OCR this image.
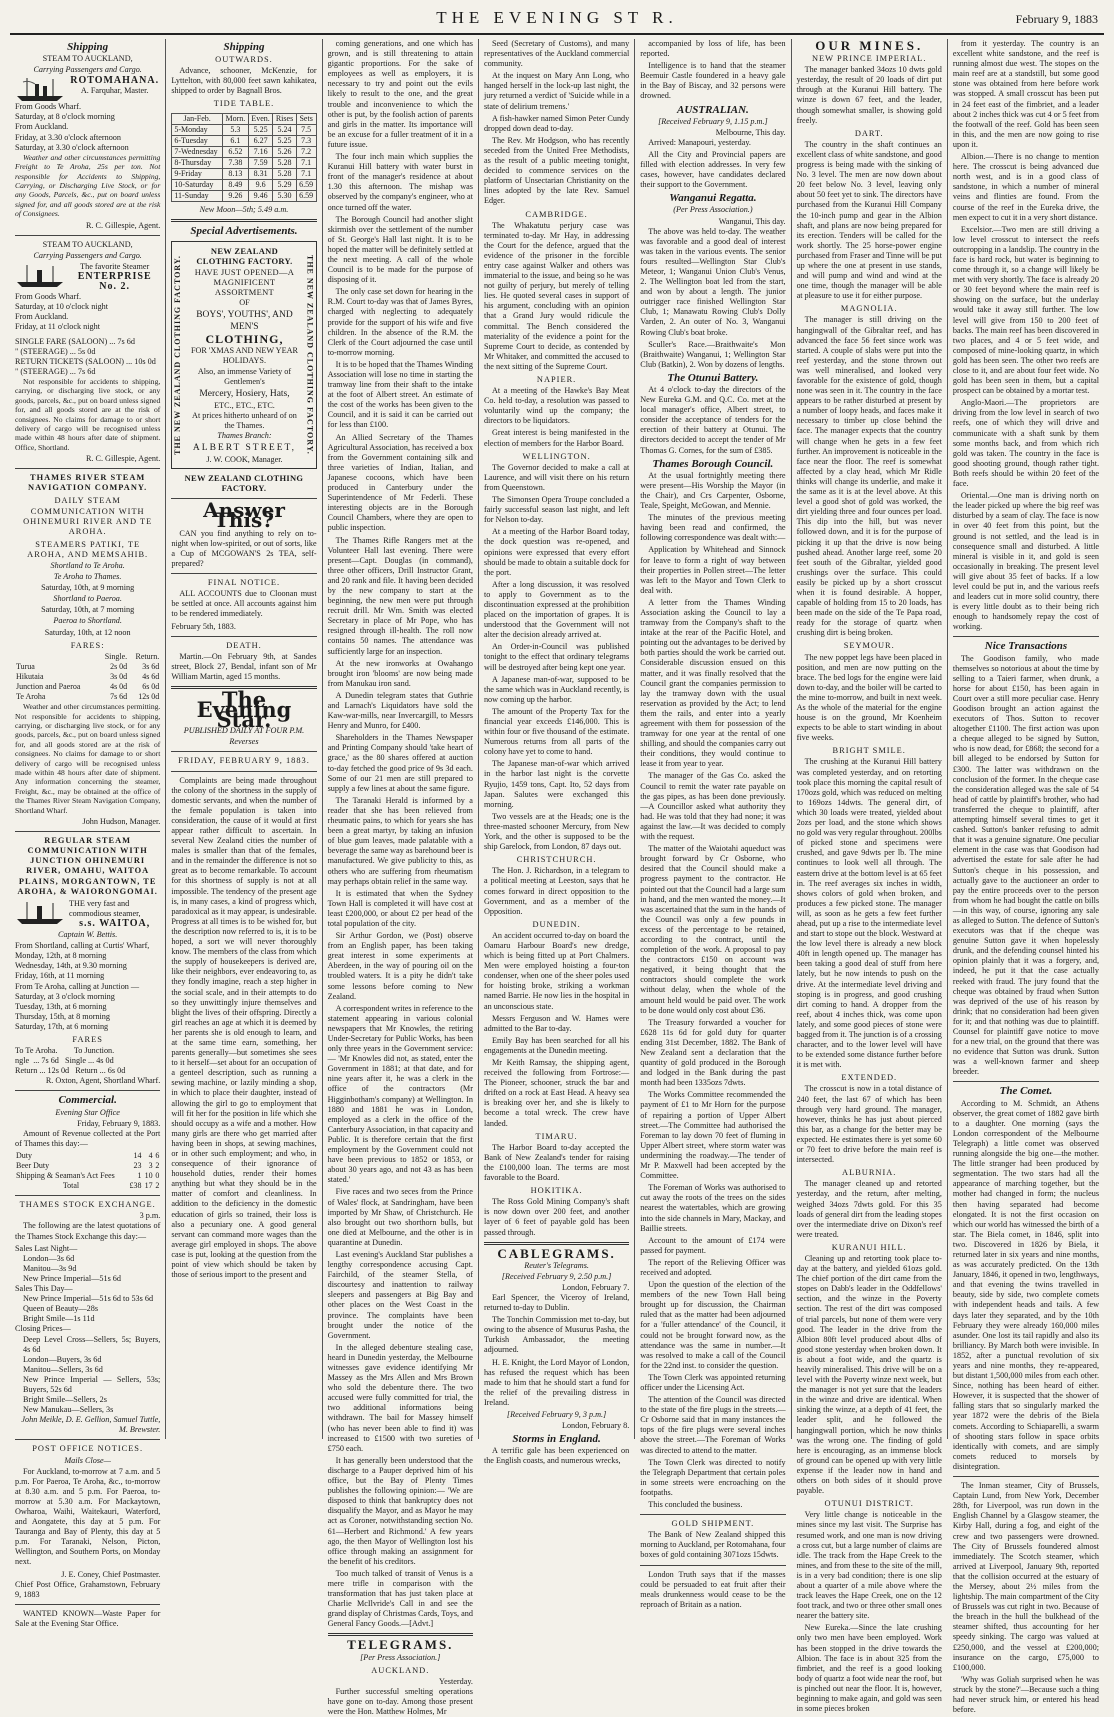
THE EVENING ST R.	February 9, 1883
Shipping
STEAM TO AUCKLAND,
Carrying Passengers and Cargo.
ROTOMAHANA.
A. Farquhar, Master.
From Goods Wharf.
Saturday, at 8 o'clock morning
From Auckland.
Friday, at 3.30 o'clock afternoon
Saturday, at 3.30 o'clock afternoon

Weather and other circumstances permitting Freight to Te Aroha, 25s per ton. Not responsible for Accidents to Shipping, Carrying, or Discharging Live Stock, or for any Goods, Parcels, &c., put on board unless signed for, and all goods stored are at the risk of Consignees.

R. C. Gillespie, Agent.
STEAM TO AUCKLAND,
Carrying Passengers and Cargo.
The favorite Steamer
ENTERPRISE No. 2.
From Goods Wharf.
Saturday, at 10 o'clock night
From Auckland.
Friday, at 11 o'clock night
SINGLE FARE (SALOON) ... 7s 6d
" (STEERAGE) ... 5s 0d
RETURN TICKETS (SALOON) ... 10s 0d
" (STEERAGE) ... 7s 6d

Not responsible for accidents to shipping, carrying, or discharging live stock, or any goods, parcels, &c., put on board unless signed for, and all goods stored are at the risk of consignees. No claims for damage to or short delivery of cargo will be recognised unless made within 48 hours after date of shipment. Office, Shortland.

R. C. Gillespie, Agent.
THAMES RIVER STEAM NAVIGATION COMPANY.
DAILY STEAM COMMUNICATION WITH OHINEMURI RIVER AND TE AROHA.
STEAMERS PATIKI, TE AROHA, AND MEMSAHIB.
Shortland to Te Aroha.
Te Aroha to Thames.
Saturday, 10th, at 9 morning
Shortland to Paeroa.
Saturday, 10th, at 7 morning
Paeroa to Shortland.
Saturday, 10th, at 12 noon
FARES:
	Single.	Return.
Turua	2s 0d	3s 6d
Hikutaia	3s 0d	4s 6d
Junction and Paeroa	4s 0d	6s 0d
Te Aroha	7s 6d	12s 0d

Weather and other circumstances permitting. Not responsible for accidents to shipping, carrying, or discharging live stock, or for any goods, parcels, &c., put on board unless signed for, and all goods stored are at the risk of consignees. No claims for damage to or short delivery of cargo will be recognised unless made within 48 hours after date of shipment. Any information concerning the steamer, Freight, &c., may be obtained at the office of the Thames River Steam Navigation Company, Shortland Wharf.

John Hudson, Manager.
REGULAR STEAM COMMUNICATION WITH JUNCTION OHINEMURI RIVER, OMAHU, WAITOA PLAINS, MORGANTOWN, TE AROHA, & WAIORONGOMAI.
THE very fast and commodious steamer,
s.s. WAITOA,
Captain W. Bettis.
From Shortland, calling at Curtis' Wharf, Monday, 12th, at 8 morning
Wednesday, 14th, at 9.30 morning
Friday, 16th, at 11 morning
From Te Aroha, calling at Junction — Saturday, at 3 o'clock morning
Tuesday, 13th, at 6 morning
Thursday, 15th, at 8 morning
Saturday, 17th, at 6 morning
FARES
To Te Aroha.        To Junction.
ngle  ... 7s 6d   Single ... 4s 0d
Return ... 12s 0d   Return ... 6s 0d
R. Oxton, Agent, Shortland Wharf.
Commercial.
Evening Star Office
Friday, February 9, 1883.

Amount of Revenue collected at the Port of Thames this day:—

Duty	14	4	6
Beer Duty	23	3	2
Shipping & Seaman's Act Fees	1	10	0
Total	£38	17	2
THAMES STOCK EXCHANGE.
3 p.m.

The following are the latest quotations of the Thames Stock Exchange this day:—

Sales Last Night—
London—3s 6d
Manitou—3s 9d
New Prince Imperial—51s 6d
Sales This Day—
New Prince Imperial—51s 6d to 53s 6d
Queen of Beauty—28s
Bright Smile—1s 11d
Closing Prices—
Deep Level Cross—Sellers, 5s; Buyers, 4s 6d
London—Buyers, 3s 6d
Manitou—Sellers, 3s 6d
New Prince Imperial — Sellers, 53s; Buyers, 52s 6d
Bright Smile—Sellers, 2s
New Manukau—Sellers, 3s
John Meikle, D. E. Gellion, Samuel Tuttle, M. Brewster.
POST OFFICE NOTICES.
Mails Close—

For Auckland, to-morrow at 7 a.m. and 5 p.m. For Paeroa, Te Aroha, &c., to-morrow at 8.30 a.m. and 5 p.m. For Paeroa, to-morrow at 5.30 a.m. For Mackaytown, Owharoa, Waihi, Waitekauri, Waterford, and Aongatete, this day at 5 p.m. For Tauranga and Bay of Plenty, this day at 5 p.m. For Taranaki, Nelson, Picton, Wellington, and Southern Ports, on Monday next.

J. E. Coney, Chief Postmaster.
Chief Post Office, Grahamstown, February 9, 1883

WANTED KNOWN—Waste Paper for Sale at the Evening Star Office.

Shipping
OUTWARDS.

Advance, schooner, McKenzie, for Lyttelton, with 80,000 feet sawn kahikatea, shipped to order by Bagnall Bros.

TIDE TABLE.
Jan-Feb.	Morn.	Even.	Rises	Sets
5-Monday	5.3	5.25	5.24	7.5
6-Tuesday	6.1	6.27	5.25	7.3
7-Wednesday	6.52	7.16	5.26	7.2
8-Thursday	7.38	7.59	5.28	7.1
9-Friday	8.13	8.31	5.28	7.1
10-Saturday	8.49	9.6	5.29	6.59
11-Sunday	9.26	9.46	5.30	6.59
New Moon—5th; 5.49 a.m.
Special Advertisements.
THE NEW ZEALAND CLOTHING FACTORY.	THE NEW ZEALAND CLOTHING FACTORY.
NEW ZEALAND CLOTHING FACTORY.
HAVE JUST OPENED—A MAGNIFICENT ASSORTMENT
OF
BOYS', YOUTHS', AND
MEN'S
CLOTHING,
FOR 'XMAS AND NEW YEAR HOLIDAYS.
Also, an immense Variety of Gentlemen's
Mercery, Hosiery, Hats,
ETC., ETC., ETC.
At prices hitherto unheard of on the Thames.
Thames Branch:
ALBERT STREET,
J. W. COOK, Manager.
NEW ZEALAND CLOTHING FACTORY.
Answer This?

CAN you find anything to rely on to-night when low-spirited, or out of sorts, like a Cup of MCGOWAN'S 2s TEA, self-prepared?

FINAL NOTICE.

ALL ACCOUNTS due to Cloonan must be settled at once. All accounts against him to be rendered immediately.

February 5th, 1883.
DEATH.

Martin.—On February 9th, at Sandes street, Block 27, Bendal, infant son of Mr William Martin, aged 15 months.

The Evening Star.
PUBLISHED DAILY AT FOUR P.M.
Reverses
FRIDAY, FEBRUARY 9, 1883.

Complaints are being made throughout the colony of the shortness in the supply of domestic servants, and when the number of the female population is taken into consideration, the cause of it would at first appear rather difficult to ascertain. In several New Zealand cities the number of males is smaller than that of the females, and in the remainder the difference is not so great as to become remarkable. To account for this shortness of supply is not at all impossible. The tendency of the present age is, in many cases, a kind of progress which, paradoxical as it may appear, is undesirable. Progress at all times is to be wished for, but the description now referred to is, it is to be hoped, a sort we will never thoroughly know. The members of the class from which the supply of housekeepers is derived are, like their neighbors, ever endeavoring to, as they fondly imagine, reach a step higher in the social scale, and in their attempts to do so they unwittingly injure themselves and blight the lives of their offspring. Directly a girl reaches an age at which it is deemed by her parents she is old enough to learn, and at the same time earn, something, her parents generally—but sometimes she sees to it herself—set about for an occupation of a genteel description, such as running a sewing machine, or lazily minding a shop, in which to place their daughter, instead of allowing the girl to go to employment that will fit her for the position in life which she should occupy as a wife and a mother. How many girls are there who get married after having been in shops, at sewing machines, or in other such employment; and who, in consequence of their ignorance of household duties, render their homes anything but what they should be in the matter of comfort and cleanliness. In addition to the deficiency in the domestic education of girls so trained, their loss is also a pecuniary one. A good general servant can command more wages than the average girl employed in shops. The above case is put, looking at the question from the point of view which should be taken by those of serious import to the present and

coming generations, and one which has grown, and is still threatening to attain gigantic proportions. For the sake of employees as well as employers, it is necessary to try and point out the evils likely to result to the one, and the great trouble and inconvenience to which the other is put, by the foolish action of parents and girls in the matter. Its importance will be an excuse for a fuller treatment of it in a future issue.

The four inch main which supplies the Kuranui Hill battery with water burst in front of the manager's residence at about 1.30 this afternoon. The mishap was observed by the company's engineer, who at once turned off the water.

The Borough Council had another slight skirmish over the settlement of the number of St. George's Hall last night. It is to be hoped the matter will be definitely settled at the next meeting. A call of the whole Council is to be made for the purpose of disposing of it.

The only case set down for hearing in the R.M. Court to-day was that of James Byres, charged with neglecting to adequately provide for the support of his wife and five children. In the absence of the R.M. the Clerk of the Court adjourned the case until to-morrow morning.

It is to be hoped that the Thames Winding Association will lose no time in starting the tramway line from their shaft to the intake at the foot of Albert street. An estimate of the cost of the works has been given to the Council, and it is said it can be carried out for less than £100.

An Allied Secretary of the Thames Agricultural Association, has received a box from the Government containing silk and three varieties of Indian, Italian, and Japanese cocoons, which have been produced in Canterbury under the Superintendence of Mr Federli. These interesting objects are in the Borough Council Chambers, where they are open to public inspection.

The Thames Rifle Rangers met at the Volunteer Hall last evening. There were present—Capt. Douglas (in command), three other officers, Drill Instructor Grant, and 20 rank and file. It having been decided by the new company to start at the beginning, the new men were put through recruit drill. Mr Wm. Smith was elected Secretary in place of Mr Pope, who has resigned through ill-health. The roll now contains 50 names. The attendance was sufficiently large for an inspection.

At the new ironworks at Owahango brought iron 'blooms' are now being made from Manukau iron sand.

A Dunedin telegram states that Guthrie and Larnach's Liquidators have sold the Kaw-war-mills, near Invercargill, to Messrs Henry and Munro, for £400.

Shareholders in the Thames Newspaper and Printing Company should 'take heart of grace,' as the 80 shares offered at auction to-day fetched the good price of 9s 3d each. Some of our 21 men are still prepared to supply a few lines at about the same figure.

The Taranaki Herald is informed by a reader that she has been relieved from rheumatic pains, to which for years she has been a great martyr, by taking an infusion of blue gum leaves, made palatable with a beverage the same way as barehound beer is manufactured. We give publicity to this, as others who are suffering from rheumatism may perhaps obtain relief in the same way.

It is estimated that when the Sydney Town Hall is completed it will have cost at least £200,000, or about £2 per head of the total population of the city.

Sir Arthur Gordon, we (Post) observe from an English paper, has been taking great interest in some experiments at Aberdeen, in the way of pouring oil on the troubled waters. It is a pity he didn't take some lessons before coming to New Zealand.

A correspondent writes in reference to the statement appearing in various colonial newspapers that Mr Knowles, the retiring Under-Secretary for Public Works, has been only three years in the Government service: — 'Mr Knowles did not, as stated, enter the Government in 1881; at that date, and for nine years after it, he was a clerk in the office of the contractors (Mr Higginbotham's company) at Wellington. In 1880 and 1881 he was in London, employed as a clerk in the office of the Canterbury Association, in that capacity and Public. It is therefore certain that the first employment by the Government could not have been previous to 1852 or 1853, or about 30 years ago, and not 43 as has been stated.'

Five races and two seces from the Prince of Wales' flock, at Sandringham, have been imported by Mr Shaw, of Christchurch. He also brought out two shorthorn bulls, but one died at Melbourne, and the other is in quarantine at Dunedin.

Last evening's Auckland Star publishes a lengthy correspondence accusing Capt. Fairchild, of the steamer Stella, of discourtesy and inattention to railway sleepers and passengers at Big Bay and other places on the West Coast in the province. The complaints have been brought under the notice of the Government.

In the alleged debenture stealing case, heard in Dunedin yesterday, the Melbourne witnesses gave evidence identifying Mr Massey as the Mrs Allen and Mrs Brown who sold the debenture there. The two accused were fully committed for trial, the two additional informations being withdrawn. The bail for Massey himself (who has never been able to find it) was increased to £1500 with two sureties of £750 each.

It has generally been understood that the discharge to a Pauper deprived him of his office, but the Bay of Plenty Times publishes the following opinion:— 'We are disposed to think that bankruptcy does not disqualify the Mayor, and as Mayor he may act as Coroner, notwithstanding section No. 61—Herbert and Richmond.' A few years ago, the then Mayor of Wellington lost his office through making an assignment for the benefit of his creditors.

Too much talked of transit of Venus is a mere trifle in comparison with the transformation that has just taken place at Charlie McIlvride's Call in and see the grand display of Christmas Cards, Toys, and General Fancy Goods.—[Advt.]

TELEGRAMS.
[Per Press Association.]
AUCKLAND.
Yesterday.

Further successful smelting operations have gone on to-day. Among those present were the Hon. Matthew Holmes, Mr

Seed (Secretary of Customs), and many representatives of the Auckland commercial community.

At the inquest on Mary Ann Long, who hanged herself in the lock-up last night, the jury returned a verdict of 'Suicide while in a state of delirium tremens.'

A fish-hawker named Simon Peter Cundy dropped down dead to-day.

The Rev. Mr Hodgson, who has recently seceded from the United Free Methodists, as the result of a public meeting tonight, decided to commence services on the platform of Unsectarian Christianity on the lines adopted by the late Rev. Samuel Edger.

CAMBRIDGE.

The Whakatutu perjury case was terminated to-day. Mr Hay, in addressing the Court for the defence, argued that the evidence of the prisoner in the forcible entry case against Walker and others was immaterial to the issue, and being so he was not guilty of perjury, but merely of telling lies. He quoted several cases in support of his argument, concluding with an opinion that a Grand Jury would ridicule the committal. The Bench considered the materiality of the evidence a point for the Supreme Court to decide, as contended by Mr Whitaker, and committed the accused to the next sitting of the Supreme Court.

NAPIER.

At a meeting of the Hawke's Bay Meat Co. held to-day, a resolution was passed to voluntarily wind up the company; the directors to be liquidators.

Great interest is being manifested in the election of members for the Harbor Board.

WELLINGTON.

The Governor decided to make a call at Laurence, and will visit there on his return from Queenstown.

The Simonsen Opera Troupe concluded a fairly successful season last night, and left for Nelson to-day.

At a meeting of the Harbor Board today, the dock question was re-opened, and opinions were expressed that every effort should be made to obtain a suitable dock for the port.

After a long discussion, it was resolved to apply to Government as to the discontinuation expressed at the prohibition placed on the importation of grapes. It is understood that the Government will not alter the decision already arrived at.

An Order-in-Council was published tonight to the effect that ordinary telegrams will be destroyed after being kept one year.

A Japanese man-of-war, supposed to be the same which was in Auckland recently, is now coming up the harbor.

The amount of the Property Tax for the financial year exceeds £146,000. This is within four or five thousand of the estimate. Numerous returns from all parts of the colony have yet to come to hand.

The Japanese man-of-war which arrived in the harbor last night is the corvette Ryujio, 1459 tons, Capt. Ito, 52 days from Japan. Salutes were exchanged this morning.

Two vessels are at the Heads; one is the three-masted schooner Mercury, from New York, and the other is supposed to be the ship Garelock, from London, 87 days out.

CHRISTCHURCH.

The Hon. J. Richardson, in a telegram to a political meeting at Leeston, says that he comes forward in direct opposition to the Government, and as a member of the Opposition.

DUNEDIN.

An accident occurred to-day on board the Oamaru Harbour Board's new dredge, which is being fitted up at Port Chalmers. Men were employed hoisting a four-ton condenser, when one of the sheer poles used for hoisting broke, striking a workman named Barrie. He now lies in the hospital in an unconscious state.

Messrs Ferguson and W. Hames were admitted to the Bar to-day.

Emily Bay has been searched for all his engagements at the Dunedin meeting.

Mr Keith Ramsay, the shipping agent, received the following from Fortrose:— The Pioneer, schooner, struck the bar and drifted on a rock at East Head. A heavy sea is breaking over her, and she is likely to become a total wreck. The crew have landed.

TIMARU.

The Harbor Board to-day accepted the Bank of New Zealand's tender for raising the £100,000 loan. The terms are most favorable to the Board.

HOKITIKA.

The Ross Gold Mining Company's shaft is now down over 200 feet, and another layer of 6 feet of payable gold has been passed through.

CABLEGRAMS.
Reuter's Telegrams.
[Received February 9, 2.50 p.m.]
London, February 7.

Earl Spencer, the Viceroy of Ireland, returned to-day to Dublin.

The Tonchin Commission met to-day, but owing to the absence of Musurus Pasha, the Turkish Ambassador, the meeting adjourned.

H. E. Knight, the Lord Mayor of London, has refused the request which has been made to him that he should start a fund for the relief of the prevailing distress in Ireland.

[Received February 9, 3 p.m.]
London, February 8.
Storms in England.

A terrific gale has been experienced on the English coasts, and numerous wrecks,

accompanied by loss of life, has been reported.

Intelligence is to hand that the steamer Beemuir Castle foundered in a heavy gale in the Bay of Biscay, and 32 persons were drowned.

AUSTRALIAN.
[Received February 9, 1.15 p.m.]
Melbourne, This day.

Arrived: Manapouri, yesterday.

All the City and Provincial papers are filled with election addresses. In very few cases, however, have candidates declared their support to the Government.

Wanganui Regatta.
(Per Press Association.)
Wanganui, This day.

The above was held to-day. The weather was favorable and a good deal of interest was taken in the various events. The senior fours resulted—Wellington Star Club's Meteor, 1; Wanganui Union Club's Venus, 2. The Wellington boat led from the start, and won by about a length. The junior outrigger race finished Wellington Star Club, 1; Manawatu Rowing Club's Dolly Varden, 2. An outer of No. 3, Wanganui Rowing Club's boat broke.

Sculler's Race.—Braithwaite's Mon (Braithwaite) Wanganui, 1; Wellington Star Club (Batkin), 2. Won by dozens of lengths.

The Otunui Battery.

At 4 o'clock to-day the directors of the New Eureka G.M. and Q.C. Co. met at the local manager's office, Albert street, to consider the acceptance of tenders for the erection of their battery at Otunui. The directors decided to accept the tender of Mr Thomas G. Cornes, for the sum of £385.

Thames Borough Council.

At the usual fortnightly meeting there were present—His Worship the Mayor (in the Chair), and Crs Carpenter, Osborne, Teale, Speight, McGowan, and Mennie.

The minutes of the previous meeting having been read and confirmed, the following correspondence was dealt with:—

Application by Whitehead and Sinnock for leave to form a right of way between their properties in Pollen street—The letter was left to the Mayor and Town Clerk to deal with.

A letter from the Thames Winding Association asking the Council to lay a tramway from the Company's shaft to the intake at the rear of the Pacific Hotel, and pointing out the advantages to be derived by both parties should the work be carried out. Considerable discussion ensued on this matter, and it was finally resolved that the Council grant the companies permission to lay the tramway down with the usual reservation as provided by the Act; to lend them the rails, and enter into a yearly agreement with them for possession of the tramway for one year at the rental of one shilling, and should the companies carry out their conditions, they would continue to lease it from year to year.

The manager of the Gas Co. asked the Council to remit the water rate payable on the gas pipes, as has been done previously.—A Councillor asked what authority they had. He was told that they had none; it was against the law.—It was decided to comply with the request.

The matter of the Waiotahi aqueduct was brought forward by Cr Osborne, who desired that the Council should make a progress payment to the contractor. He pointed out that the Council had a large sum in hand, and the men wanted the money.—It was ascertained that the sum in the hands of the Council was only a few pounds in excess of the percentage to be retained, according to the contract, until the completion of the work. A proposal to pay the contractors £150 on account was negatived, it being thought that the contractors should complete the work without delay, when the whole of the amount held would be paid over. The work to be done would only cost about £36.

The Treasury forwarded a voucher for £628 11s 6d for gold duty for quarter ending 31st December, 1882. The Bank of New Zealand sent a declaration that the quantity of gold produced in the Borough and lodged in the Bank during the past month had been 1335ozs 7dwts.

The Works Committee recommended the payment of £1 to Mr Horn for the purpose of repairing a portion of Upper Albert street.—The Committee had authorised the Foreman to lay down 70 feet of fluming in Upper Albert street, where storm water was undermining the roadway.—The tender of Mr P. Maxwell had been accepted by the Committee.

The Foreman of Works was authorised to cut away the roots of the trees on the sides nearest the watertables, which are growing into the side channels in Mary, Mackay, and Baillie streets.

Account to the amount of £174 were passed for payment.

The report of the Relieving Officer was received and adopted.

Upon the question of the election of the members of the new Town Hall being brought up for discussion, the Chairman ruled that as the matter had been adjourned for a 'fuller attendance' of the Council, it could not be brought forward now, as the attendance was the same in number.—It was resolved to make a call of the Council for the 22nd inst. to consider the question.

The Town Clerk was appointed returning officer under the Licensing Act.

The attention of the Council was directed to the state of the fire plugs in the streets.—Cr Osborne said that in many instances the tops of the fire plugs were several inches above the street.—The Foreman of Works was directed to attend to the matter.

The Town Clerk was directed to notify the Telegraph Department that certain poles in some streets were encroaching on the footpaths.

This concluded the business.

GOLD SHIPMENT.

The Bank of New Zealand shipped this morning to Auckland, per Rotomahana, four boxes of gold containing 3071ozs 15dwts.

London Truth says that if the masses could be persuaded to eat fruit after their meals drunkenness would cease to be the reproach of Britain as a nation.

OUR MINES.
NEW PRINCE IMPERIAL.

The manager banked 34ozs 10 dwts gold yesterday, the result of 20 loads of dirt put through at the Kuranui Hill battery. The winze is down 67 feet, and the leader, though somewhat smaller, is showing gold freely.

DART.

The country in the shaft continues an excellent class of white sandstone, and good progress is being made with the sinking of No. 3 level. The men are now down about 20 feet below No. 3 level, leaving only about 50 feet yet to sink. The directors have purchased from the Kuranui Hill Company the 10-inch pump and gear in the Albion shaft, and plans are now being prepared for its erection. Tenders will be called for the work shortly. The 25 horse-power engine purchased from Fraser and Tinne will be put up where the one at present in use stands, and will pump and wind and wind at the one time, though the manager will be able at pleasure to use it for either purpose.

MAGNOLIA.

The manager is still driving on the hangingwall of the Gibraltar reef, and has advanced the face 56 feet since work was started. A couple of slabs were put into the reef yesterday, and the stone thrown out was well mineralised, and looked very favorable for the existence of gold, though none was seen in it. The country in the face appears to be rather disturbed at present by a number of loopy heads, and faces make it necessary to timber up close behind the face. The manager expects that the country will change when he gets in a few feet further. An improvement is noticeable in the face near the floor. The reef is somewhat affected by a clay head, which Mr Ridle thinks will change its underlie, and make it the same as it is at the level above. At this level a good shot of gold was worked, the dirt yielding three and four ounces per load. This dip into the hill, but was never followed down, and it is for the purpose of picking it up that the drive is now being pushed ahead. Another large reef, some 20 feet south of the Gibraltar, yielded good crushings over the surface. This could easily be picked up by a short crosscut when it is found desirable. A hopper, capable of holding from 15 to 20 loads, has been made on the side of the Te Papa road, ready for the storage of quartz when crushing dirt is being broken.

SEYMOUR.

The new poppet legs have been placed in position, and men are now putting on the brace. The bed logs for the engine were laid down to-day, and the boiler will be carted to the mine to-morrow, and built in next week. As the whole of the material for the engine house is on the ground, Mr Koenheim expects to be able to start winding in about five weeks.

BRIGHT SMILE.

The crushing at the Kuranui Hill battery was completed yesterday, and on retorting took place this morning the capital result of 170ozs gold, which was reduced on melting to 169ozs 14dwts. The general dirt, of which 30 loads were treated, yielded about 2ozs per load, and the stone which shows no gold was very regular throughout. 200lbs of picked stone and specimens were crushed, and gave 9dwts per lb. The mine continues to look well all through. The eastern drive at the bottom level is at 65 feet in. The reef averages six inches in width, shows colors of gold when broken, and produces a few picked stone. The manager will, as soon as he gets a few feet further ahead, put up a rise to the intermediate level and start to stope out the block. Westward at the low level there is already a new block 40ft in length opened up. The manager has been taking a good deal of stuff from here lately, but he now intends to push on the drive. At the intermediate level driving and stoping is in progress, and good crushing dirt coming to hand. A dropper from the reef, about 4 inches thick, was come upon lately, and some good pieces of stone were bagged from it. The junction is of a crossing character, and to the lower level will have to be extended some distance further before it is met with.

EXTENDED.

The crosscut is now in a total distance of 240 feet, the last 67 of which has been through very hard ground. The manager, however, thinks he has just about pierced this bar, as a change for the better may be expected. He estimates there is yet some 60 or 70 feet to drive before the main reef is intersected.

ALBURNIA.

The manager cleaned up and retorted yesterday, and the return, after melting, weighed 34ozs 7dwts gold. For this 35 loads of general dirt from the leading stopes over the intermediate drive on Dixon's reef were treated.

KURANUI HILL.

Cleaning up and retorting took place to-day at the battery, and yielded 61ozs gold. The chief portion of the dirt came from the stopes on Dabb's leader in the Oddfellows' section, and the winze in the Poverty section. The rest of the dirt was composed of trial parcels, but none of them were very good. The leader in the drive from the Albion 80ft level produced about 4lbs of good stone yesterday when broken down. It is about a foot wide, and the quartz is heavily mineralised. This drive will be on a level with the Poverty winze next week, but the manager is not yet sure that the leaders in the winze and drive are identical. When sinking the winze, at a depth of 41 feet, the leader split, and he followed the hangingwall portion, which he now thinks was the wrong one. The finding of gold here is encouraging, as an immense block of ground can be opened up with very little expense if the leader now in hand and others on both sides of it should prove payable.

OTUNUI DISTRICT.

Very little change is noticeable in the mines since my last visit. The Surprise has resumed work, and one man is now driving a cross cut, but a large number of claims are idle. The track from the Hape Creek to the mines, and from these to the site of the mill, is in a very bad condition; there is one slip about a quarter of a mile above where the track leaves the Hape Creek, one on the 12 foot track, and two or three other small ones nearer the battery site.

New Eureka.—Since the late crushing only two men have been employed. Work has been stopped in the drive towards the Albion. The face is in about 325 from the fimbriet, and the reef is a good looking body of quartz a foot wide near the roof, but is pinched out near the floor. It is, however, beginning to make again, and gold was seen in some pieces broken

from it yesterday. The country is an excellent white sandstone, and the reef is running almost due west. The stopes on the main reef are at a standstill, but some good stone was obtained from here before work was stopped. A small crosscut has been put in 24 feet east of the fimbriet, and a leader about 2 inches thick was cut 4 or 5 feet from the footwall of the reef. Gold has been seen in this, and the men are now going to rise upon it.

Albion.—There is no change to mention here. The crosscut is being advanced due north west, and is in a good class of sandstone, in which a number of mineral veins and flinties are found. From the course of the reef in the Eureka drive, the men expect to cut it in a very short distance.

Excelsior.—Two men are still driving a low level crosscut to intersect the reefs outcropping in a landslip. The country in the face is hard rock, but water is beginning to come through it, so a change will likely be met with very shortly. The face is already 20 or 30 feet beyond where the main reef is showing on the surface, but the underlay would take it away still further. The low level will give from 150 to 200 feet of backs. The main reef has been discovered in two places, and 4 or 5 feet wide, and composed of mine-looking quartz, in which gold has been seen. The other two reefs are close to it, and are about four feet wide. No gold has been seen in them, but a capital prospect can be obtained by a mortar test.

Anglo-Maori.—The proprietors are driving from the low level in search of two reefs, one of which they will drive and communicate with a shaft sunk by them some months back, and from which rich gold was taken. The country in the face is good shooting ground, though rather tight. Both reefs should be within 20 feet of the face.

Oriental.—One man is driving north on the leader picked up where the big reef was disturbed by a seam of clay. The face is now in over 40 feet from this point, but the ground is not settled, and the lead is in consequence small and disturbed. A little mineral is visible in it, and gold is seen occasionally in breaking. The present level will give about 35 feet of backs. If a low level could be put in, and the various reefs and leaders cut in more solid country, there is every little doubt as to their being rich enough to handsomely repay the cost of working.

Nice Transactions

The Goodison family, who made themselves so notorious at about the time by selling to a Taieri farmer, when drunk, a horse for about £150, has been again in Court over a still more peculiar case. Henry Goodison brought an action against the executors of Thos. Sutton to recover altogether £1100. The first action was upon a cheque alleged to be signed by Sutton, who is now dead, for £868; the second for a bill alleged to be endorsed by Sutton for £300. The latter was withdrawn on the conclusion of the former. In the cheque case the consideration alleged was the sale of 54 head of cattle by plaintiff's brother, who had transferred the cheque to plaintiff, after attempting himself several times to get it cashed. Sutton's banker refusing to admit that it was a genuine signature. One peculiar element in the case was that Goodison had advertised the estate for sale after he had Sutton's cheque in his possession, and actually gave to the auctioneer an order to pay the entire proceeds over to the person from whom he had bought the cattle on bills—in this way, of course, ignoring any sale as alleged to Sutton. The defence of Sutton's executors was that if the cheque was genuine Sutton gave it when hopelessly drunk, and the defending counsel hinted his opinion plainly that it was a forgery, and, indeed, he put it that the case actually reeked with fraud. The jury found that the cheque was obtained by fraud when Sutton was deprived of the use of his reason by drink; that no consideration had been given for it; and that nothing was due to plaintiff. Counsel for plaintiff gave notice to move for a new trial, on the ground that there was no evidence that Sutton was drunk. Sutton was a well-known farmer and sheep breeder.

The Comet.

According to M. Schmidt, an Athens observer, the great comet of 1882 gave birth to a daughter. One morning (says the London correspondent of the Melbourne Telegraph) a little comet was observed running alongside the big one—the mother. The little stranger had been produced by segmentation. The two stars had all the appearance of marching together, but the mother had changed in form; the nucleus then having separated had become elongated. It is not the first occasion on which our world has witnessed the birth of a star. The Biela comet, in 1846, split into two. Discovered in 1826 by Biela, it returned later in six years and nine months, as was accurately predicted. On the 13th January, 1846, it opened in two, lengthways, and that evening the twins travelled in beauty, side by side, two complete comets with independent heads and tails. A few days later they separated, and by the 10th February they were already 160,000 miles asunder. One lost its tail rapidly and also its brilliancy. By March both were invisible. In 1852, after a punctual revolution of six years and nine months, they re-appeared, but distant 1,500,000 miles from each other. Since, nothing has been heard of either. However, it is suspected that the shower of falling stars that so singularly marked the year 1872 were the debris of the Biela comets. According to Schiaparelli, a swarm of shooting stars follow in space orbits identically with comets, and are simply comets reduced to morsels by disintegration.

The Inman steamer, City of Brussels, Captain Lund, from New York, December 28th, for Liverpool, was run down in the English Channel by a Glasgow steamer, the Kirby Hall, during a fog, and eight of the crew and two passengers were drowned. The City of Brussels foundered almost immediately. The Scotch steamer, which arrived at Liverpool, January 9th, reported that the collision occurred at the estuary of the Mersey, about 2½ miles from the lightship. The main compartment of the City of Brussels was cut right in two. Because of the breach in the hull the bulkhead of the steamer shifted, thus accounting for her speedy sinking. The cargo was valued at £250,000, and the vessel at £200,000; insurance on the cargo, £75,000 to £100,000.

'Why was Goliah surprised when he was struck by the stone?'—Because such a thing had never struck him, or entered his head before.
